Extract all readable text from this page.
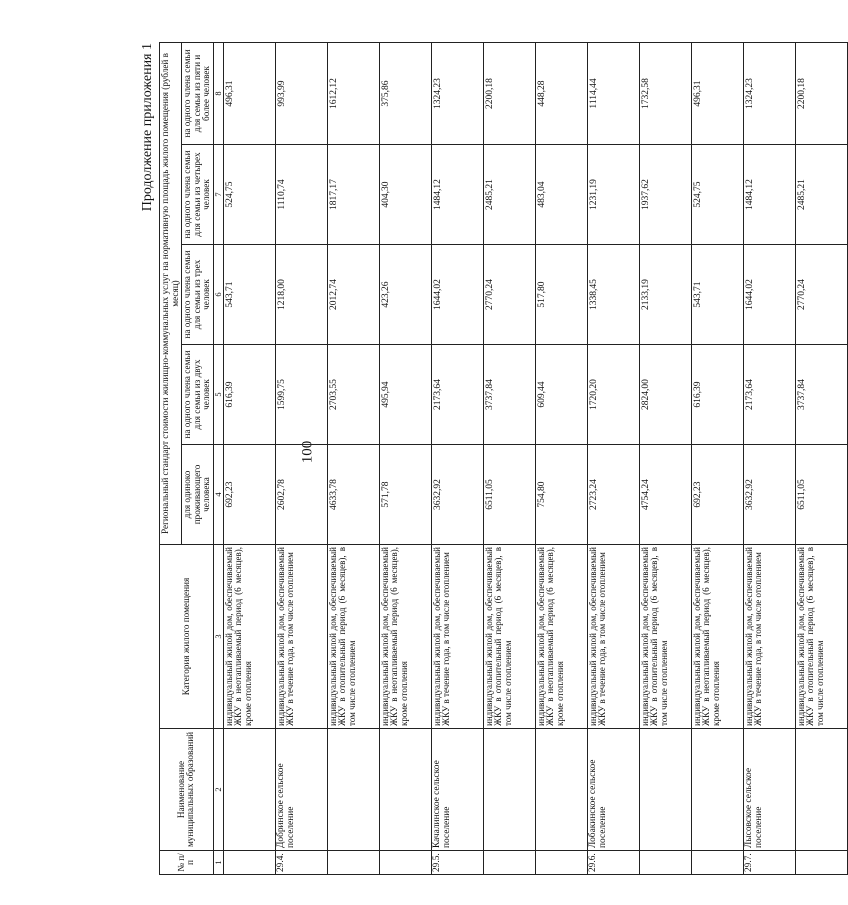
100
Продолжение приложения 1
№ п/п	Наименование муниципальных образований	Категория жилого помещения	Региональный стандарт стоимости жилищно-коммунальных услуг на нормативную площадь жилого помещения (рублей в месяц)				
			для одиноко проживающего человека	на одного члена семьи для семьи из двух человек	на одного члена семьи для семьи из трех человек	на одного члена семьи для семьи из четырех человек	на одного члена семьи для семьи из пяти и более человек
1	2	3	4	5	6	7	8
		индивидуальный жилой дом, обеспечиваемый ЖКУ в неотапливаемый период (6 месяцев), кроме отопления	692,23	616,39	543,71	524,75	496,31
29.4.	Добринское сельское поселение	индивидуальный жилой дом, обеспечиваемый ЖКУ в течение года, в том числе отоплением	2602,78	1599,75	1218,00	1110,74	993,99
		индивидуальный жилой дом, обеспечиваемый ЖКУ в отопительный период (6 месяцев), в том числе отоплением	4633,78	2703,55	2012,74	1817,17	1612,12
		индивидуальный жилой дом, обеспечиваемый ЖКУ в неотапливаемый период (6 месяцев), кроме отопления	571,78	495,94	423,26	404,30	375,86
29.5.	Качалинское сельское поселение	индивидуальный жилой дом, обеспечиваемый ЖКУ в течение года, в том числе отоплением	3632,92	2173,64	1644,02	1484,12	1324,23
		индивидуальный жилой дом, обеспечиваемый ЖКУ в отопительный период (6 месяцев), в том числе отоплением	6511,05	3737,84	2770,24	2485,21	2200,18
		индивидуальный жилой дом, обеспечиваемый ЖКУ в неотапливаемый период (6 месяцев), кроме отопления	754,80	609,44	517,80	483,04	448,28
29.6.	Лобакинское сельское поселение	индивидуальный жилой дом, обеспечиваемый ЖКУ в течение года, в том числе отоплением	2723,24	1720,20	1338,45	1231,19	1114,44
		индивидуальный жилой дом, обеспечиваемый ЖКУ в отопительный период (6 месяцев), в том числе отоплением	4754,24	2824,00	2133,19	1937,62	1732,58
		индивидуальный жилой дом, обеспечиваемый ЖКУ в неотапливаемый период (6 месяцев), кроме отопления	692,23	616,39	543,71	524,75	496,31
29.7.	Лысовское сельское поселение	индивидуальный жилой дом, обеспечиваемый ЖКУ в течение года, в том числе отоплением	3632,92	2173,64	1644,02	1484,12	1324,23
		индивидуальный жилой дом, обеспечиваемый ЖКУ в отопительный период (6 месяцев), в том числе отоплением	6511,05	3737,84	2770,24	2485,21	2200,18
